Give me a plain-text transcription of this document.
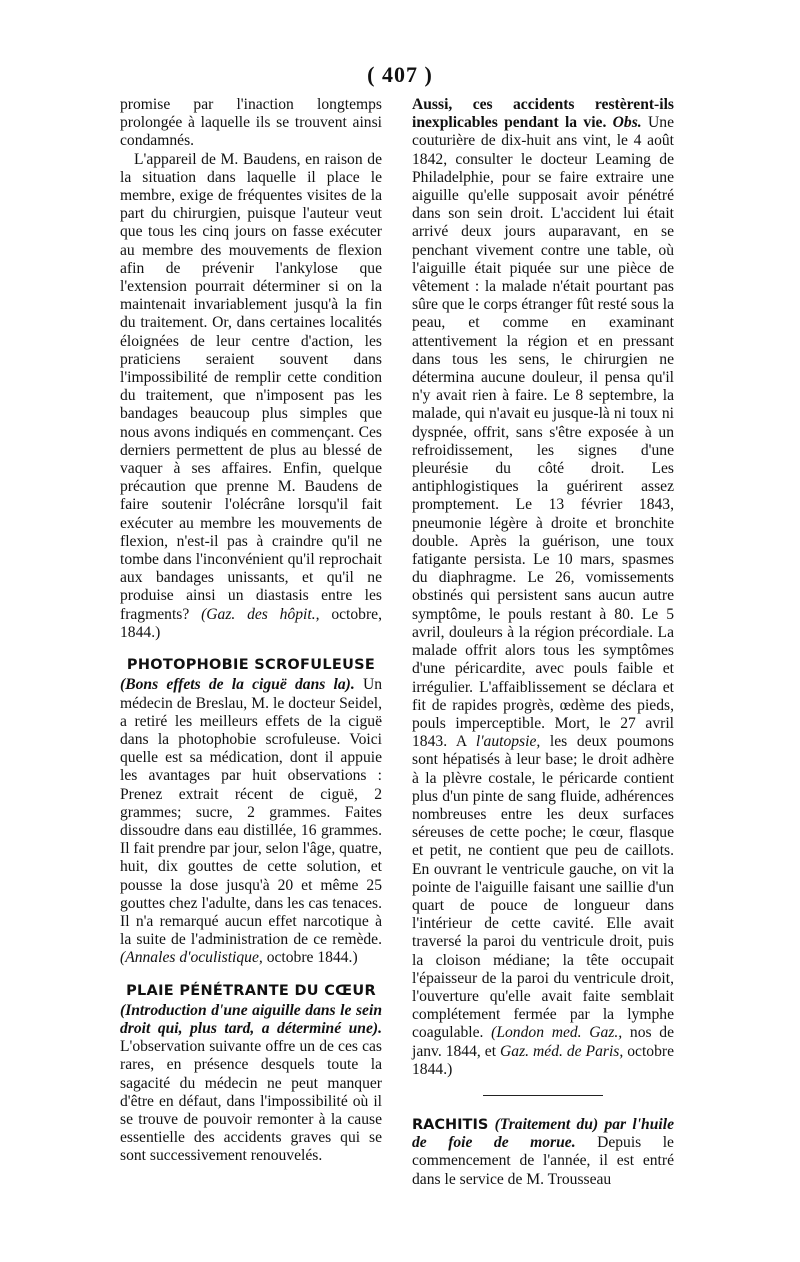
( 407 )

promise par l'inaction longtemps prolongée à laquelle ils se trouvent ainsi condamnés.

L'appareil de M. Baudens, en raison de la situation dans laquelle il place le membre, exige de fréquentes visites de la part du chirurgien, puisque l'auteur veut que tous les cinq jours on fasse exécuter au membre des mouvements de flexion afin de prévenir l'ankylose que l'extension pourrait déterminer si on la maintenait invariablement jusqu'à la fin du traitement. Or, dans certaines localités éloignées de leur centre d'action, les praticiens seraient souvent dans l'impossibilité de remplir cette condition du traitement, que n'imposent pas les bandages beaucoup plus simples que nous avons indiqués en commençant. Ces derniers permettent de plus au blessé de vaquer à ses affaires. Enfin, quelque précaution que prenne M. Baudens de faire soutenir l'olécrâne lorsqu'il fait exécuter au membre les mouvements de flexion, n'est-il pas à craindre qu'il ne tombe dans l'inconvénient qu'il reprochait aux bandages unissants, et qu'il ne produise ainsi un diastasis entre les fragments? (Gaz. des hôpit., octobre, 1844.)

PHOTOPHOBIE SCROFULEUSE

(Bons effets de la ciguë dans la). Un médecin de Breslau, M. le docteur Seidel, a retiré les meilleurs effets de la ciguë dans la photophobie scrofuleuse. Voici quelle est sa médication, dont il appuie les avantages par huit observations : Prenez extrait récent de ciguë, 2 grammes; sucre, 2 grammes. Faites dissoudre dans eau distillée, 16 grammes. Il fait prendre par jour, selon l'âge, quatre, huit, dix gouttes de cette solution, et pousse la dose jusqu'à 20 et même 25 gouttes chez l'adulte, dans les cas tenaces. Il n'a remarqué aucun effet narcotique à la suite de l'administration de ce remède. (Annales d'oculistique, octobre 1844.)

PLAIE PÉNÉTRANTE DU CŒUR

(Introduction d'une aiguille dans le sein droit qui, plus tard, a déterminé une). L'observation suivante offre un de ces cas rares, en présence desquels toute la sagacité du médecin ne peut manquer d'être en défaut, dans l'impossibilité où il se trouve de pouvoir remonter à la cause essentielle des accidents graves qui se sont successivement renouvelés.

Aussi, ces accidents restèrent-ils inexplicables pendant la vie. Obs. Une couturière de dix-huit ans vint, le 4 août 1842, consulter le docteur Leaming de Philadelphie, pour se faire extraire une aiguille qu'elle supposait avoir pénétré dans son sein droit. L'accident lui était arrivé deux jours auparavant, en se penchant vivement contre une table, où l'aiguille était piquée sur une pièce de vêtement : la malade n'était pourtant pas sûre que le corps étranger fût resté sous la peau, et comme en examinant attentivement la région et en pressant dans tous les sens, le chirurgien ne détermina aucune douleur, il pensa qu'il n'y avait rien à faire. Le 8 septembre, la malade, qui n'avait eu jusque-là ni toux ni dyspnée, offrit, sans s'être exposée à un refroidissement, les signes d'une pleurésie du côté droit. Les antiphlogistiques la guérirent assez promptement. Le 13 février 1843, pneumonie légère à droite et bronchite double. Après la guérison, une toux fatigante persista. Le 10 mars, spasmes du diaphragme. Le 26, vomissements obstinés qui persistent sans aucun autre symptôme, le pouls restant à 80. Le 5 avril, douleurs à la région précordiale. La malade offrit alors tous les symptômes d'une péricardite, avec pouls faible et irrégulier. L'affaiblissement se déclara et fit de rapides progrès, œdème des pieds, pouls imperceptible. Mort, le 27 avril 1843. A l'autopsie, les deux poumons sont hépatisés à leur base; le droit adhère à la plèvre costale, le péricarde contient plus d'un pinte de sang fluide, adhérences nombreuses entre les deux surfaces séreuses de cette poche; le cœur, flasque et petit, ne contient que peu de caillots. En ouvrant le ventricule gauche, on vit la pointe de l'aiguille faisant une saillie d'un quart de pouce de longueur dans l'intérieur de cette cavité. Elle avait traversé la paroi du ventricule droit, puis la cloison médiane; la tête occupait l'épaisseur de la paroi du ventricule droit, l'ouverture qu'elle avait faite semblait complétement fermée par la lymphe coagulable. (London med. Gaz., nos de janv. 1844, et Gaz. méd. de Paris, octobre 1844.)

RACHITIS (Traitement du) par l'huile de foie de morue. Depuis le commencement de l'année, il est entré dans le service de M. Trousseau
